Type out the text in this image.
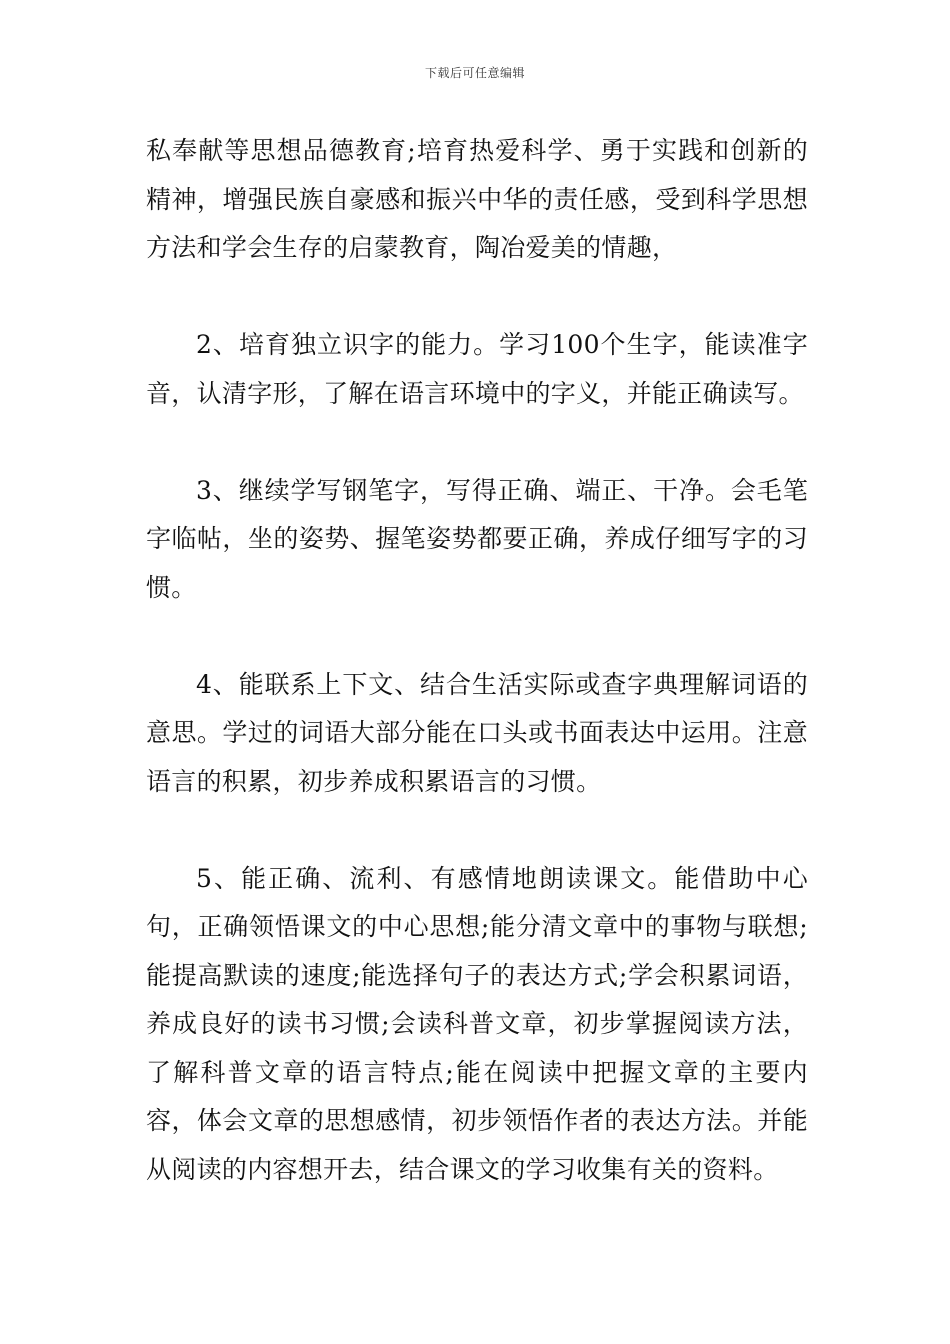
下载后可任意编辑

私奉献等思想品德教育;培育热爱科学、勇于实践和创新的精神，增强民族自豪感和振兴中华的责任感，受到科学思想方法和学会生存的启蒙教育，陶冶爱美的情趣，

2、培育独立识字的能力。学习100个生字，能读准字音，认清字形，了解在语言环境中的字义，并能正确读写。

3、继续学写钢笔字，写得正确、端正、干净。会毛笔字临帖，坐的姿势、握笔姿势都要正确，养成仔细写字的习惯。

4、能联系上下文、结合生活实际或查字典理解词语的意思。学过的词语大部分能在口头或书面表达中运用。注意语言的积累，初步养成积累语言的习惯。

5、能正确、流利、有感情地朗读课文。能借助中心句，正确领悟课文的中心思想;能分清文章中的事物与联想;能提高默读的速度;能选择句子的表达方式;学会积累词语，养成良好的读书习惯;会读科普文章，初步掌握阅读方法，了解科普文章的语言特点;能在阅读中把握文章的主要内容，体会文章的思想感情，初步领悟作者的表达方法。并能从阅读的内容想开去，结合课文的学习收集有关的资料。
